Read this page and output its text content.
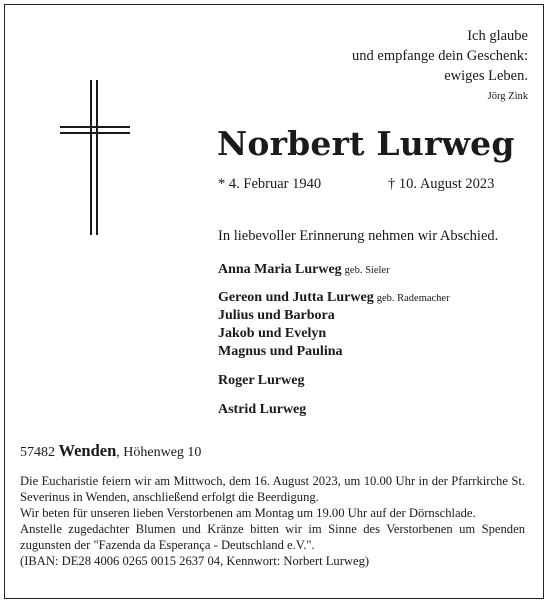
Ich glaube
und empfange dein Geschenk:
ewiges Leben.
Jörg Zink
Norbert Lurweg
* 4. Februar 1940	† 10. August 2023
In liebevoller Erinnerung nehmen wir Abschied.
Anna Maria Lurweg geb. Sieler
Gereon und Jutta Lurweg geb. Rademacher
Julius und Barbora
Jakob und Evelyn
Magnus und Paulina
Roger Lurweg
Astrid Lurweg
57482 Wenden, Höhenweg 10

Die Eucharistie feiern wir am Mittwoch, dem 16. August 2023, um 10.00 Uhr in der Pfarrkirche St. Severinus in Wenden, anschließend erfolgt die Beerdigung.

Wir beten für unseren lieben Verstorbenen am Montag um 19.00 Uhr auf der Dörnschlade.

Anstelle zugedachter Blumen und Kränze bitten wir im Sinne des Verstorbenen um Spenden zugunsten der "Fazenda da Esperança - Deutschland e.V.".

(IBAN: DE28 4006 0265 0015 2637 04, Kennwort: Norbert Lurweg)
